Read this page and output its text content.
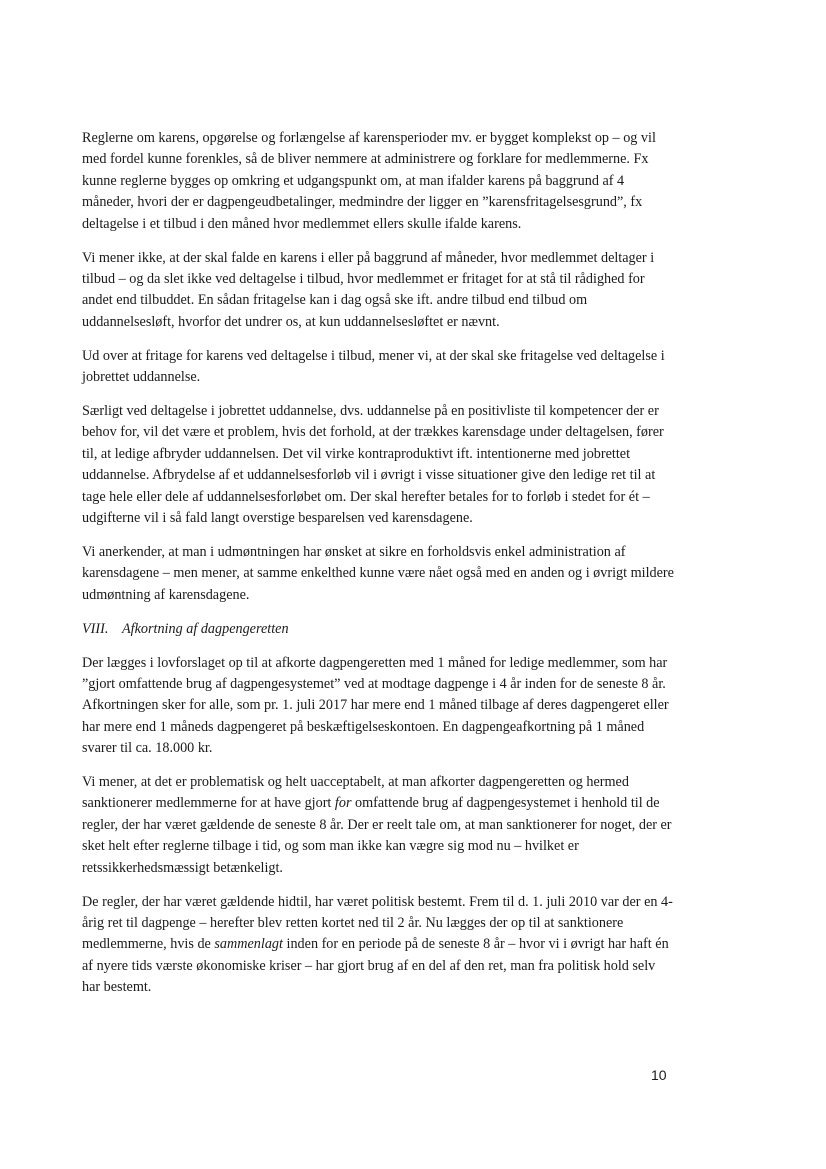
Reglerne om karens, opgørelse og forlængelse af karensperioder mv. er bygget komplekst op – og vil med fordel kunne forenkles, så de bliver nemmere at administrere og forklare for medlemmerne. Fx kunne reglerne bygges op omkring et udgangspunkt om, at man ifalder karens på baggrund af 4 måneder, hvori der er dagpengeudbetalinger, medmindre der ligger en ”karensfritagelsesgrund”, fx deltagelse i et tilbud i den måned hvor medlemmet ellers skulle ifalde karens.

Vi mener ikke, at der skal falde en karens i eller på baggrund af måneder, hvor medlemmet deltager i tilbud – og da slet ikke ved deltagelse i tilbud, hvor medlemmet er fritaget for at stå til rådighed for andet end tilbuddet. En sådan fritagelse kan i dag også ske ift. andre tilbud end tilbud om uddannelsesløft, hvorfor det undrer os, at kun uddannelsesløftet er nævnt.

Ud over at fritage for karens ved deltagelse i tilbud, mener vi, at der skal ske fritagelse ved deltagelse i jobrettet uddannelse.

Særligt ved deltagelse i jobrettet uddannelse, dvs. uddannelse på en positivliste til kompetencer der er behov for, vil det være et problem, hvis det forhold, at der trækkes karensdage under deltagelsen, fører til, at ledige afbryder uddannelsen. Det vil virke kontraproduktivt ift. intentionerne med jobrettet uddannelse. Afbrydelse af et uddannelsesforløb vil i øvrigt i visse situationer give den ledige ret til at tage hele eller dele af uddannelsesforløbet om. Der skal herefter betales for to forløb i stedet for ét – udgifterne vil i så fald langt overstige besparelsen ved karensdagene.

Vi anerkender, at man i udmøntningen har ønsket at sikre en forholdsvis enkel administration af karensdagene – men mener, at samme enkelthed kunne være nået også med en anden og i øvrigt mildere udmøntning af karensdagene.

VIII. Afkortning af dagpengeretten

Der lægges i lovforslaget op til at afkorte dagpengeretten med 1 måned for ledige medlemmer, som har ”gjort omfattende brug af dagpengesystemet” ved at modtage dagpenge i 4 år inden for de seneste 8 år. Afkortningen sker for alle, som pr. 1. juli 2017 har mere end 1 måned tilbage af deres dagpengeret eller har mere end 1 måneds dagpengeret på beskæftigelseskontoen. En dagpengeafkortning på 1 måned svarer til ca. 18.000 kr.

Vi mener, at det er problematisk og helt uacceptabelt, at man afkorter dagpengeretten og hermed sanktionerer medlemmerne for at have gjort for omfattende brug af dagpengesystemet i henhold til de regler, der har været gældende de seneste 8 år. Der er reelt tale om, at man sanktionerer for noget, der er sket helt efter reglerne tilbage i tid, og som man ikke kan vægre sig mod nu – hvilket er retssikkerhedsmæssigt betænkeligt.

De regler, der har været gældende hidtil, har været politisk bestemt. Frem til d. 1. juli 2010 var der en 4-årig ret til dagpenge – herefter blev retten kortet ned til 2 år. Nu lægges der op til at sanktionere medlemmerne, hvis de sammenlagt inden for en periode på de seneste 8 år – hvor vi i øvrigt har haft én af nyere tids værste økonomiske kriser – har gjort brug af en del af den ret, man fra politisk hold selv har bestemt.

10
